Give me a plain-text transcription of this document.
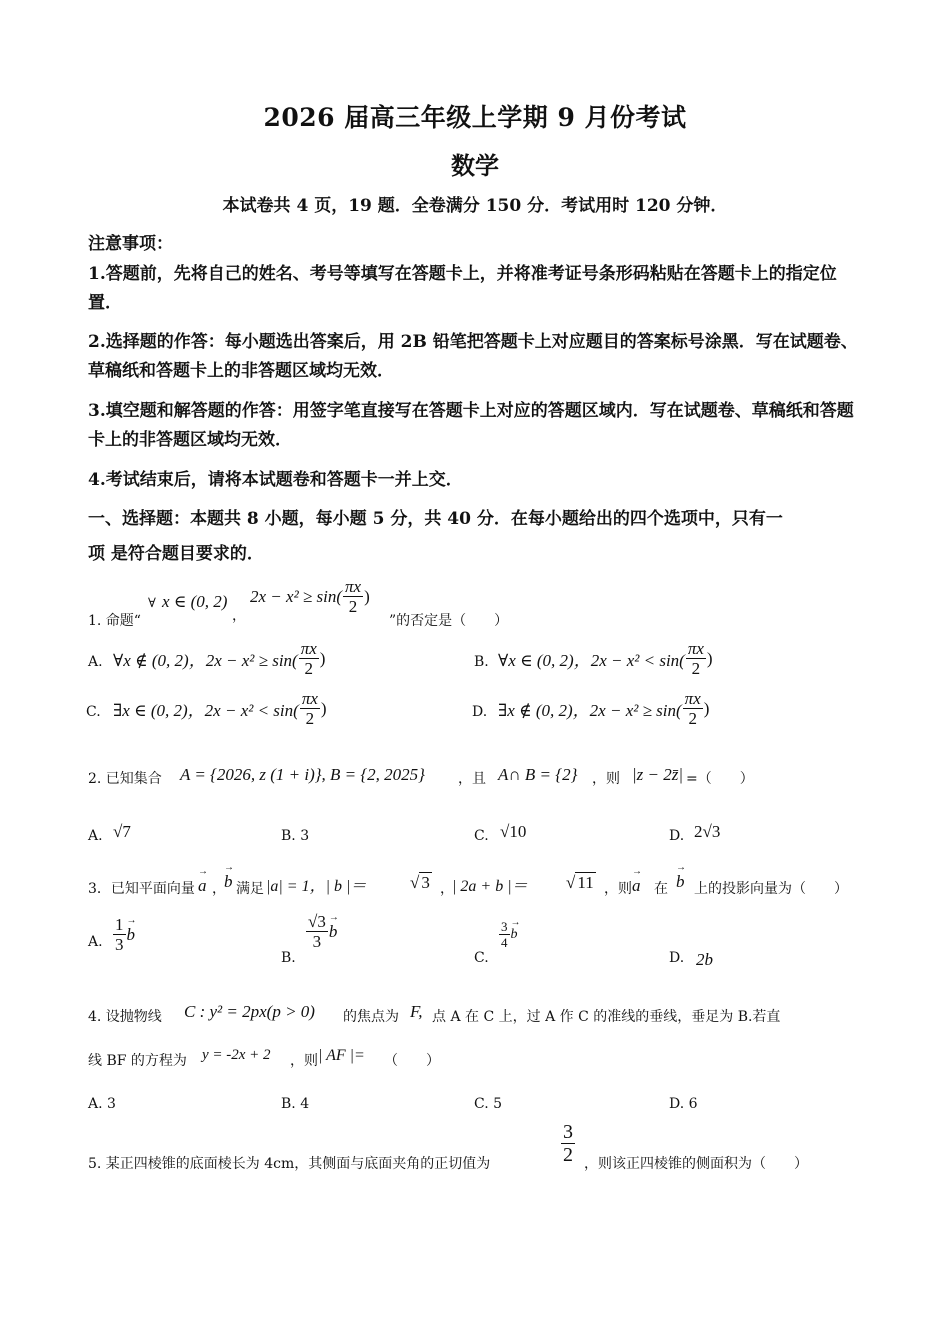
2026 届高三年级上学期 9 月份考试
数学
本试卷共 4 页，19 题．全卷满分 150 分．考试用时 120 分钟．
注意事项：
1.答题前，先将自己的姓名、考号等填写在答题卡上，并将准考证号条形码粘贴在答题卡上的指定位置．
2.选择题的作答：每小题选出答案后，用 2B 铅笔把答题卡上对应题目的答案标号涂黑．写在试题卷、草稿纸和答题卡上的非答题区域均无效．
3.填空题和解答题的作答：用签字笔直接写在答题卡上对应的答题区域内．写在试题卷、草稿纸和答题卡上的非答题区域均无效．
4.考试结束后，请将本试题卷和答题卡一并上交．
一、选择题：本题共 8 小题，每小题 5 分，共 40 分．在每小题给出的四个选项中，只有一
项 是符合题目要求的．
1. 命题“
∀ x ∈ (0, 2)
，
$2x - x^2 \ge \sin( \frac{\pi x}{2}$ )
”的否定是（　　）
A. ∀x ∉ (0, 2)，$2x - x^2 \ge \sin( \frac{\pi x}{2}$ )	B. ∀x ∈ (0, 2)，$2x - x^2 < \sin( \frac{\pi x}{2}$ )
C. ∃x ∈ (0, 2)，$2x - x^2 < \sin( \frac{\pi x}{2}$ )	D. ∃x ∉ (0, 2)，$2x - x^2 \ge \sin( \frac{\pi x}{2}$ )
2. 已知集合 A = {2026, z (1 + i)}, B = {2, 2025} ，且 A∩ B = {2} ，则 |z − 2z̄| =（　　）
A. √7	B. 3	C. √10	D. 2√3
3．已知平面向量
→ a ，
→ b 满足 |a| = 1，| b |＝	√ 3 ，
| 2a + b |＝ √ 11 ，则
→ a 在
→ b 上的投影向量为（　　）
A. $\frac{1}{3}$
→ b
B.
$\frac{√3}{3}$
→ b
C.
$\frac{3}{4}$
→ b
D. 2b
4. 设抛物线 C : y² = 2px(p > 0) 的焦点为 F, 点 A 在 C 上，过 A 作 C 的准线的垂线，垂足为 B.若直
线 BF 的方程为 y = -2x + 2 ，则 | AF |= （　　）
A. 3	B. 4	C. 5	D. 6
5. 某正四棱锥的底面棱长为 4cm，其侧面与底面夹角的正切值为	$\frac{3}{2}$ ，则该正四棱锥的侧面积为（　　）
